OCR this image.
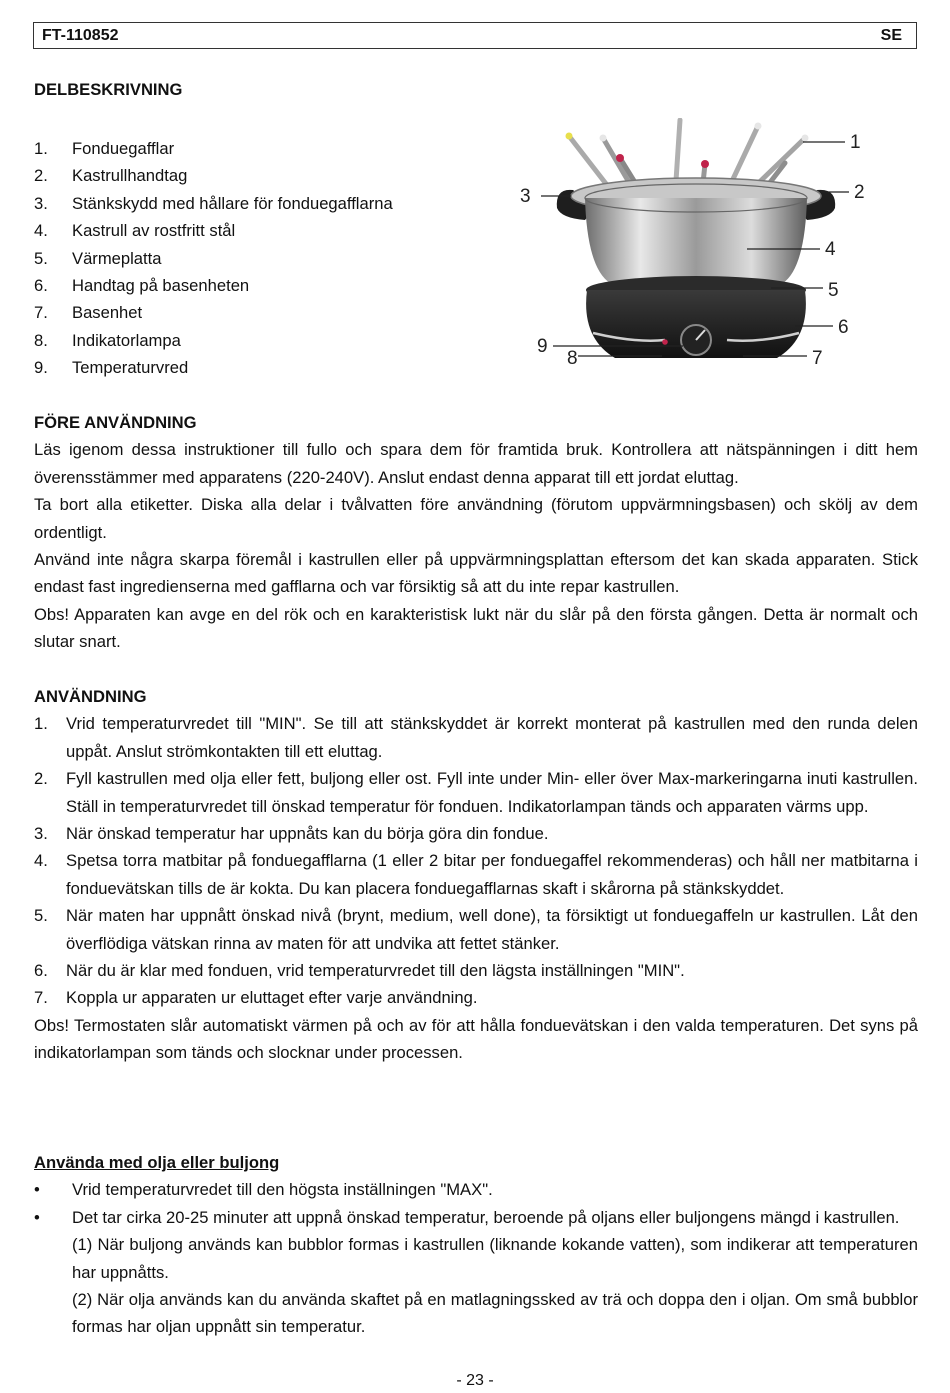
FT-110852	SE
DELBESKRIVNING
1.	Fonduegafflar
2.	Kastrullhandtag
3.	Stänkskydd med hållare för fonduegafflarna
4.	Kastrull av rostfritt stål
5.	Värmeplatta
6.	Handtag på basenheten
7.	Basenhet
8.	Indikatorlampa
9.	Temperaturvred
1
2
3
4
5
6
7
8
9
FÖRE ANVÄNDNING
Läs igenom dessa instruktioner till fullo och spara dem för framtida bruk. Kontrollera att nätspänningen i ditt hem överensstämmer med apparatens (220-240V). Anslut endast denna apparat till ett jordat eluttag.
Ta bort alla etiketter. Diska alla delar i tvålvatten före användning (förutom uppvärmningsbasen) och skölj av dem ordentligt.
Använd inte några skarpa föremål i kastrullen eller på uppvärmningsplattan eftersom det kan skada apparaten. Stick endast fast ingredienserna med gafflarna och var försiktig så att du inte repar kastrullen.
Obs! Apparaten kan avge en del rök och en karakteristisk lukt när du slår på den första gången. Detta är normalt och slutar snart.
ANVÄNDNING
1.	Vrid temperaturvredet till "MIN". Se till att stänkskyddet är korrekt monterat på kastrullen med den runda delen uppåt. Anslut strömkontakten till ett eluttag.
2.	Fyll kastrullen med olja eller fett, buljong eller ost. Fyll inte under Min- eller över Max-markeringarna inuti kastrullen. Ställ in temperaturvredet till önskad temperatur för fonduen. Indikatorlampan tänds och apparaten värms upp.
3.	När önskad temperatur har uppnåts kan du börja göra din fondue.
4.	Spetsa torra matbitar på fonduegafflarna (1 eller 2 bitar per fonduegaffel rekommenderas) och håll ner matbitarna i fonduevätskan tills de är kokta. Du kan placera fonduegafflarnas skaft i skårorna på stänkskyddet.
5.	När maten har uppnått önskad nivå (brynt, medium, well done), ta försiktigt ut fonduegaffeln ur kastrullen. Låt den överflödiga vätskan rinna av maten för att undvika att fettet stänker.
6.	När du är klar med fonduen, vrid temperaturvredet till den lägsta inställningen "MIN".
7.	Koppla ur apparaten ur eluttaget efter varje användning.
Obs! Termostaten slår automatiskt värmen på och av för att hålla fonduevätskan i den valda temperaturen. Det syns på indikatorlampan som tänds och slocknar under processen.
Använda med olja eller buljong
•	Vrid temperaturvredet till den högsta inställningen "MAX".
•	Det tar cirka 20-25 minuter att uppnå önskad temperatur, beroende på oljans eller buljongens mängd i kastrullen.
(1) När buljong används kan bubblor formas i kastrullen (liknande kokande vatten), som indikerar att temperaturen har uppnåtts.
(2) När olja används kan du använda skaftet på en matlagningssked av trä och doppa den i oljan. Om små bubblor formas har oljan uppnått sin temperatur.
- 23 -
